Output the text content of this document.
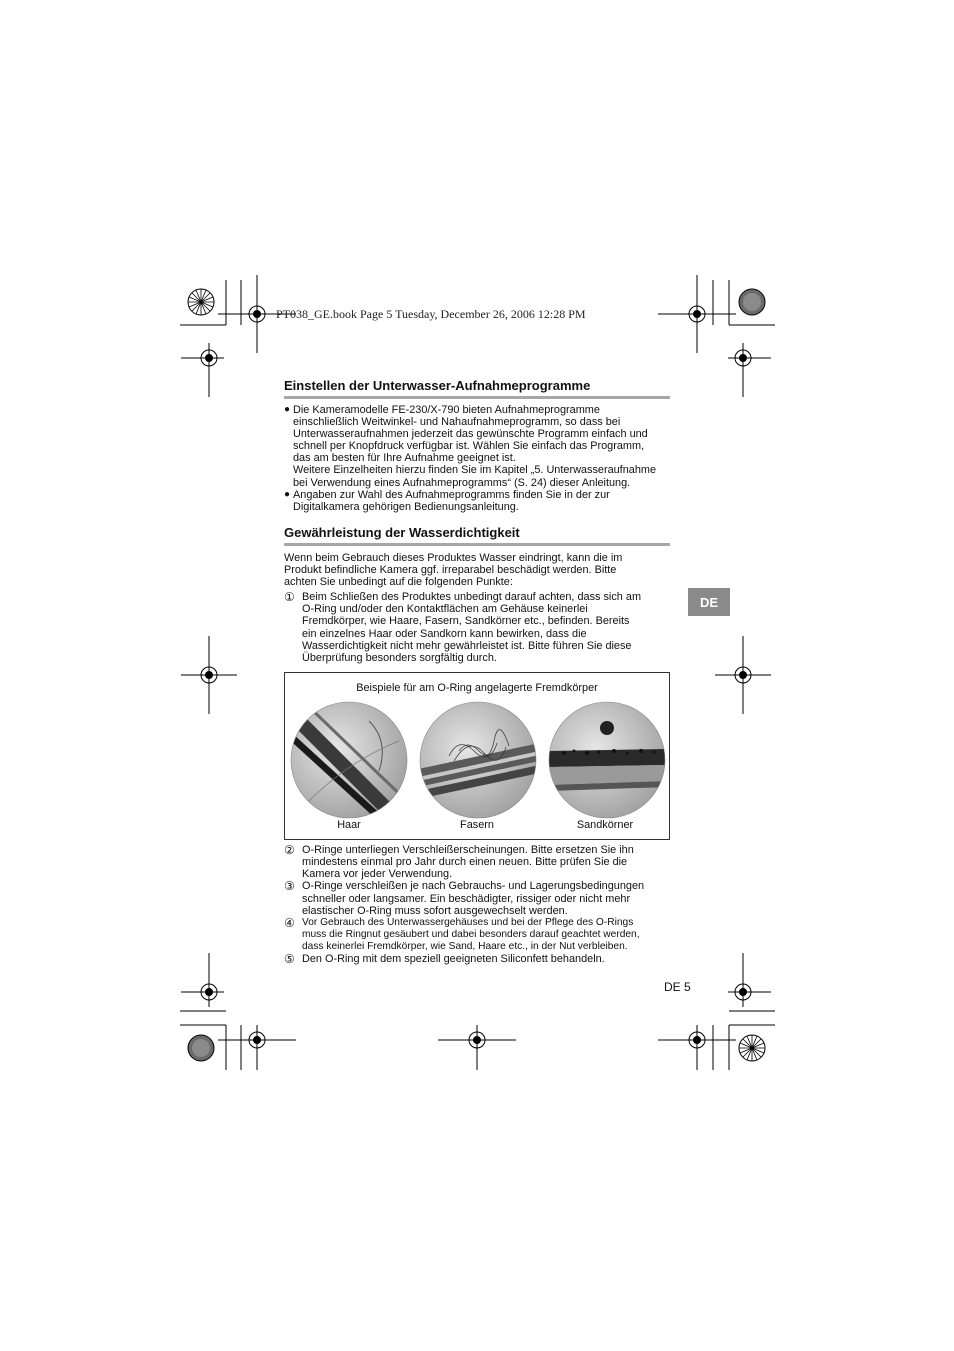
PT038_GE.book Page 5 Tuesday, December 26, 2006 12:28 PM
DE
Einstellen der Unterwasser-Aufnahmeprogramme
● Die Kameramodelle FE-230/X-790 bieten Aufnahmeprogramme
einschließlich Weitwinkel- und Nahaufnahmeprogramm, so dass bei
Unterwasseraufnahmen jederzeit das gewünschte Programm einfach und
schnell per Knopfdruck verfügbar ist. Wählen Sie einfach das Programm,
das am besten für Ihre Aufnahme geeignet ist.
Weitere Einzelheiten hierzu finden Sie im Kapitel „5. Unterwasseraufnahme
bei Verwendung eines Aufnahmeprogramms“ (S. 24) dieser Anleitung.
● Angaben zur Wahl des Aufnahmeprogramms finden Sie in der zur
Digitalkamera gehörigen Bedienungsanleitung.
Gewährleistung der Wasserdichtigkeit

Wenn beim Gebrauch dieses Produktes Wasser eindringt, kann die im
Produkt befindliche Kamera ggf. irreparabel beschädigt werden. Bitte
achten Sie unbedingt auf die folgenden Punkte:

① Beim Schließen des Produktes unbedingt darauf achten, dass sich am
O-Ring und/oder den Kontaktflächen am Gehäuse keinerlei
Fremdkörper, wie Haare, Fasern, Sandkörner etc., befinden. Bereits
ein einzelnes Haar oder Sandkorn kann bewirken, dass die
Wasserdichtigkeit nicht mehr gewährleistet ist. Bitte führen Sie diese
Überprüfung besonders sorgfältig durch.
Beispiele für am O-Ring angelagerte Fremdkörper
Haar	Fasern	Sandkörner
② O-Ringe unterliegen Verschleißerscheinungen. Bitte ersetzen Sie ihn
mindestens einmal pro Jahr durch einen neuen. Bitte prüfen Sie die
Kamera vor jeder Verwendung.
③ O-Ringe verschleißen je nach Gebrauchs- und Lagerungsbedingungen
schneller oder langsamer. Ein beschädigter, rissiger oder nicht mehr
elastischer O-Ring muss sofort ausgewechselt werden.
④ Vor Gebrauch des Unterwassergehäuses und bei der Pflege des O-Rings
muss die Ringnut gesäubert und dabei besonders darauf geachtet werden,
dass keinerlei Fremdkörper, wie Sand, Haare etc., in der Nut verbleiben.
⑤ Den O-Ring mit dem speziell geeigneten Siliconfett behandeln.
DE 5
